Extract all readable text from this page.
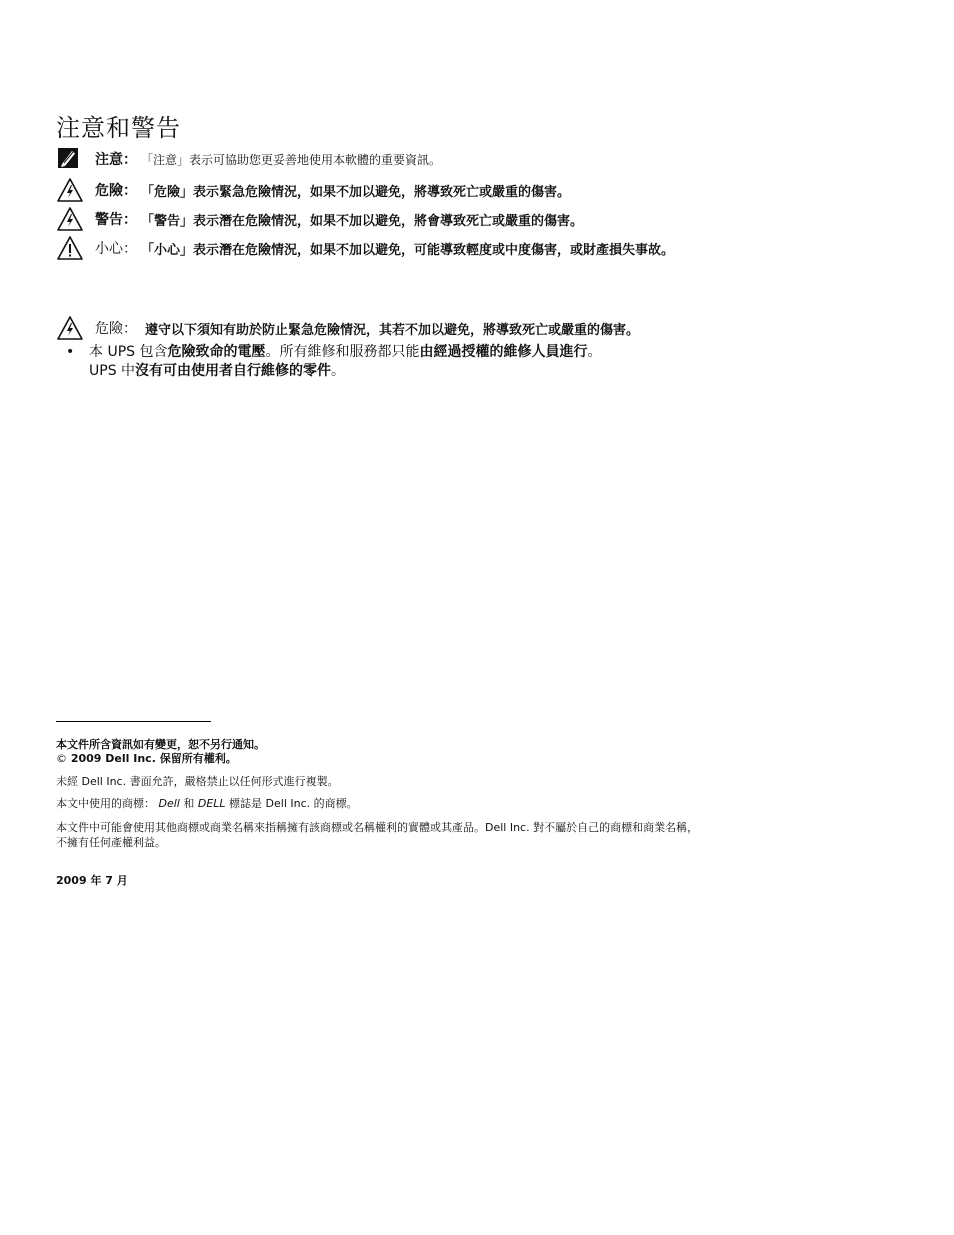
注意和警告
注意： 「注意」表示可協助您更妥善地使用本軟體的重要資訊。
危險： 「危險」表示緊急危險情況，如果不加以避免，將導致死亡或嚴重的傷害。
警告： 「警告」表示潛在危險情況，如果不加以避免，將會導致死亡或嚴重的傷害。
小心： 「小心」表示潛在危險情況，如果不加以避免，可能導致輕度或中度傷害，或財產損失事故。
危險： 遵守以下須知有助於防止緊急危險情況，其若不加以避免，將導致死亡或嚴重的傷害。
• 本 UPS 包含危險致命的電壓。所有維修和服務都只能由經過授權的維修人員進行。
UPS 中沒有可由使用者自行維修的零件。
本文件所含資訊如有變更，恕不另行通知。
© 2009 Dell Inc. 保留所有權利。
未經 Dell Inc. 書面允許，嚴格禁止以任何形式進行複製。
本文中使用的商標： Dell 和 DELL 標誌是 Dell Inc. 的商標。
本文件中可能會使用其他商標或商業名稱來指稱擁有該商標或名稱權利的實體或其產品。Dell Inc. 對不屬於自己的商標和商業名稱，
不擁有任何產權利益。
2009 年 7 月
